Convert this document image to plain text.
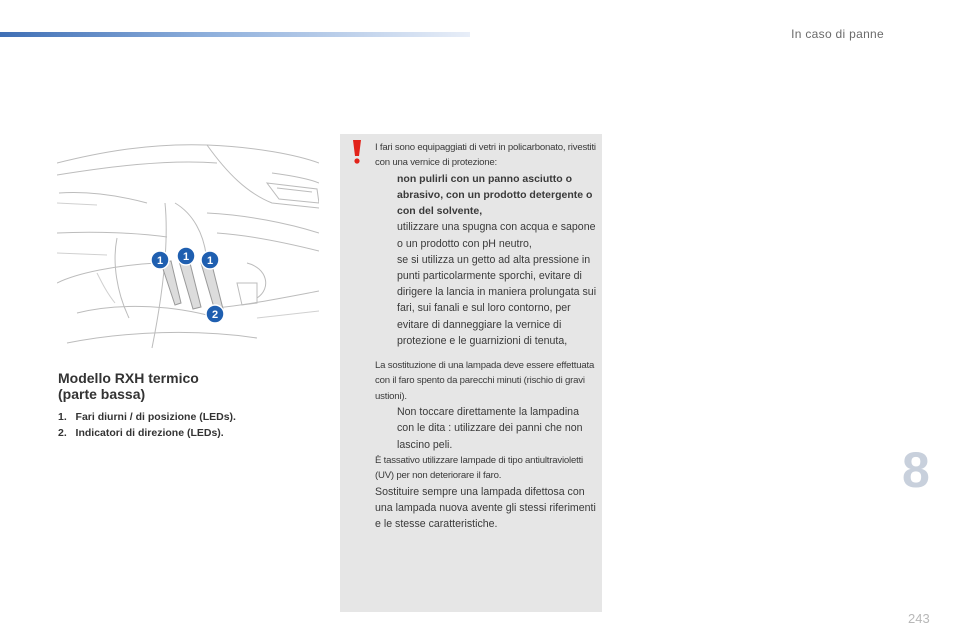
In caso di panne
1 1 1
2
Modello RXH termico
(parte bassa)
1. Fari diurni / di posizione (LEDs).
2. Indicatori di direzione (LEDs).

I fari sono equipaggiati di vetri in policarbonato, rivestiti con una vernice di protezione:

non pulirli con un panno asciutto o abrasivo, con un prodotto detergente o con del solvente,
utilizzare una spugna con acqua e sapone o un prodotto con pH neutro,
se si utilizza un getto ad alta pressione in punti particolarmente sporchi, evitare di dirigere la lancia in maniera prolungata sui fari, sui fanali e sul loro contorno, per evitare di danneggiare la vernice di protezione e le guarnizioni di tenuta,

La sostituzione di una lampada deve essere effettuata con il faro spento da parecchi minuti (rischio di gravi ustioni).

Non toccare direttamente la lampadina con le dita : utilizzare dei panni che non lascino peli.

È tassativo utilizzare lampade di tipo antiultravioletti (UV) per non deteriorare il faro.

Sostituire sempre una lampada difettosa con una lampada nuova avente gli stessi riferimenti e le stesse caratteristiche.

8
243
